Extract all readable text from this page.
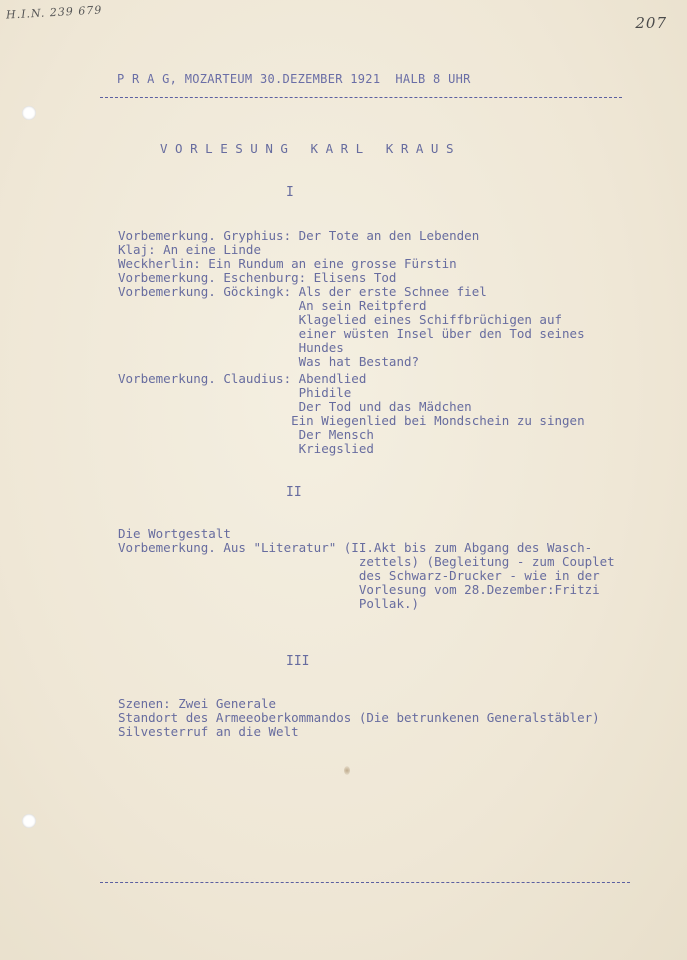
H.I.N. 239 679
207
P R A G, MOZARTEUM 30.DEZEMBER 1921  HALB 8 UHR
V O R L E S U N G   K A R L   K R A U S
I
Vorbemerkung. Gryphius: Der Tote an den Lebenden
Klaj: An eine Linde
Weckherlin: Ein Rundum an eine grosse Fürstin
Vorbemerkung. Eschenburg: Elisens Tod
Vorbemerkung. Göckingk: Als der erste Schnee fiel
An sein Reitpferd
Klagelied eines Schiffbrüchigen auf
einer wüsten Insel über den Tod seines
Hundes
Was hat Bestand?
Vorbemerkung. Claudius: Abendlied
Phidile
Der Tod und das Mädchen
Ein Wiegenlied bei Mondschein zu singen
Der Mensch
Kriegslied
II
Die Wortgestalt
Vorbemerkung. Aus "Literatur" (II.Akt bis zum Abgang des Wasch-
zettels) (Begleitung - zum Couplet
des Schwarz-Drucker - wie in der
Vorlesung vom 28.Dezember:Fritzi
Pollak.)
III
Szenen: Zwei Generale
Standort des Armeeoberkommandos (Die betrunkenen Generalstäbler)
Silvesterruf an die Welt
